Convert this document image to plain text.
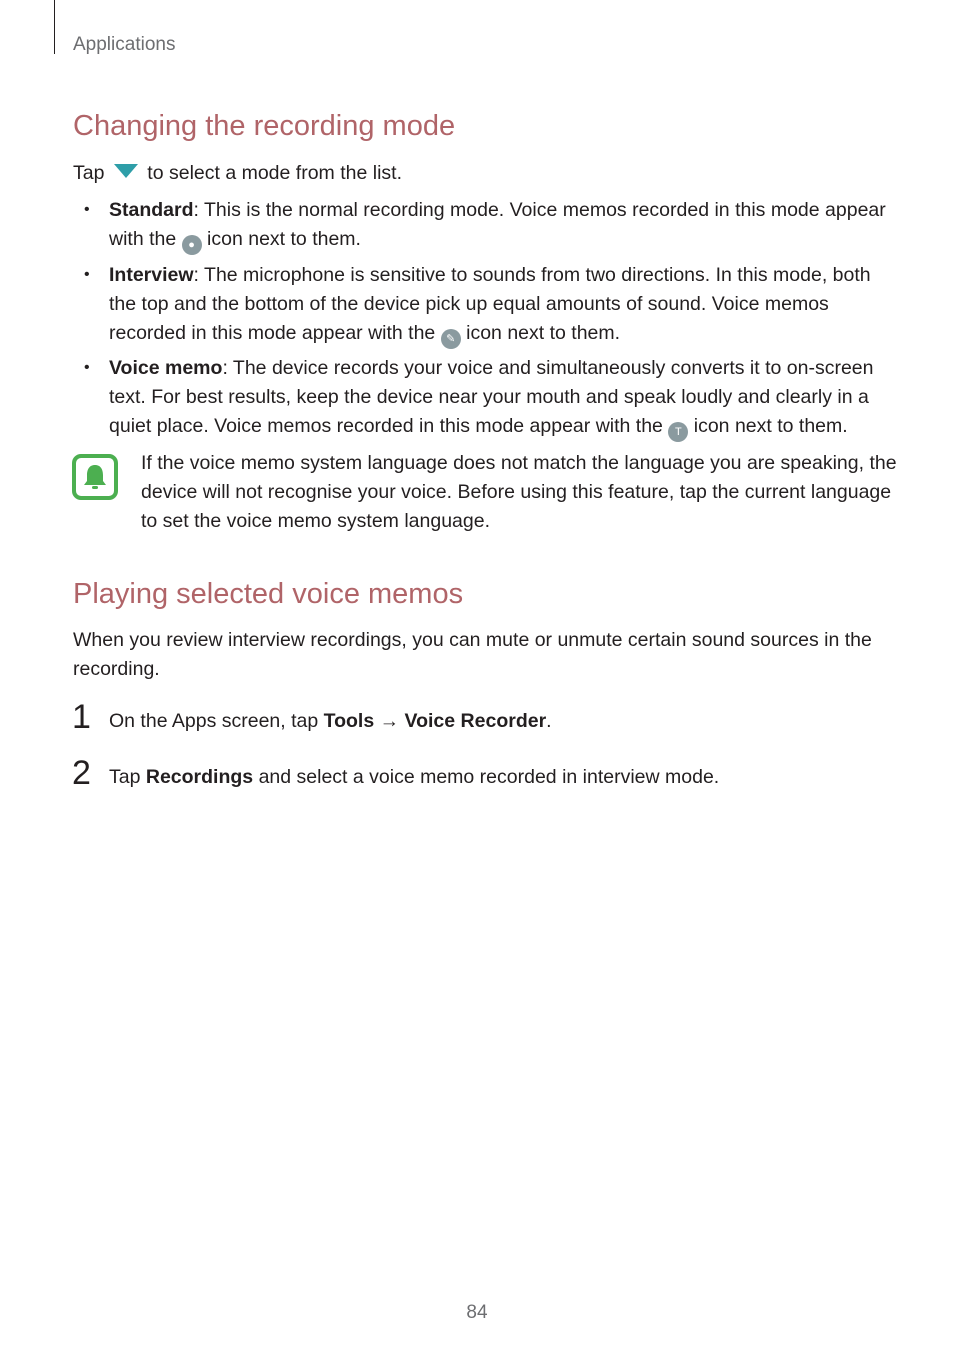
Applications
Changing the recording mode

Tap to select a mode from the list.

• Standard: This is the normal recording mode. Voice memos recorded in this mode appear with the ● icon next to them.

• Interview: The microphone is sensitive to sounds from two directions. In this mode, both the top and the bottom of the device pick up equal amounts of sound. Voice memos recorded in this mode appear with the ✎ icon next to them.

• Voice memo: The device records your voice and simultaneously converts it to on-screen text. For best results, keep the device near your mouth and speak loudly and clearly in a quiet place. Voice memos recorded in this mode appear with the T icon next to them.

If the voice memo system language does not match the language you are speaking, the device will not recognise your voice. Before using this feature, tap the current language to set the voice memo system language.

Playing selected voice memos

When you review interview recordings, you can mute or unmute certain sound sources in the recording.

1 On the Apps screen, tap Tools → Voice Recorder.
2 Tap Recordings and select a voice memo recorded in interview mode.
84
